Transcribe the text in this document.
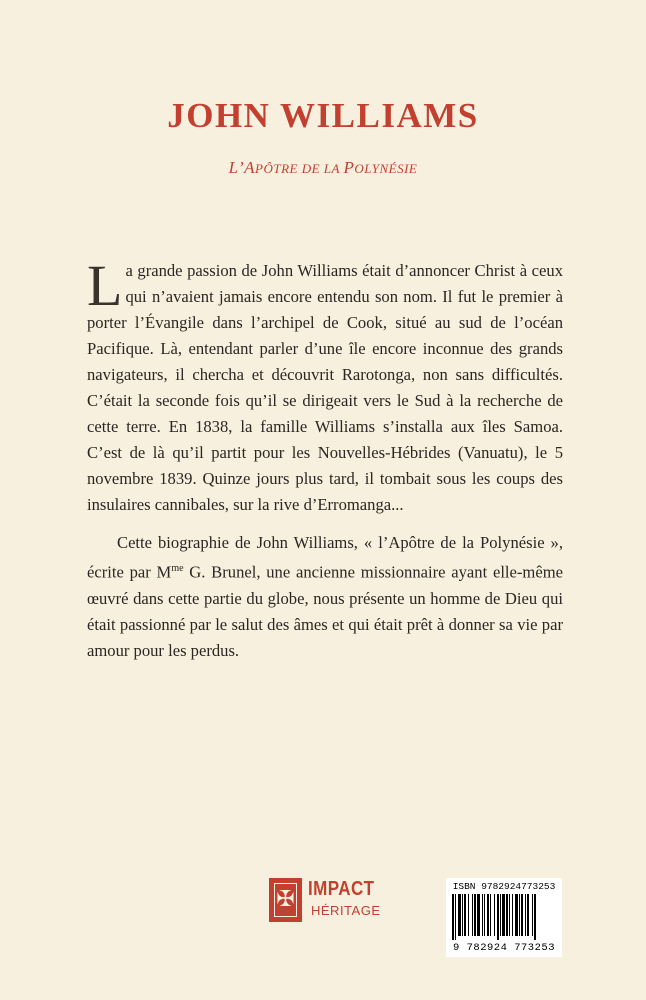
JOHN WILLIAMS
L’APÔTRE DE LA POLYNÉSIE

La grande passion de John Williams était d’annoncer Christ à ceux qui n’avaient jamais encore entendu son nom. Il fut le premier à porter l’Évangile dans l’archipel de Cook, situé au sud de l’océan Pacifique. Là, entendant parler d’une île encore inconnue des grands navigateurs, il chercha et découvrit Rarotonga, non sans difficultés. C’était la seconde fois qu’il se dirigeait vers le Sud à la recherche de cette terre. En 1838, la famille Williams s’installa aux îles Samoa. C’est de là qu’il partit pour les Nouvelles-Hébrides (Vanuatu), le 5 novembre 1839. Quinze jours plus tard, il tombait sous les coups des insulaires cannibales, sur la rive d’Erromanga...

Cette biographie de John Williams, « l’Apôtre de la Polynésie », écrite par $M^{me}$ G. Brunel, une ancienne missionnaire ayant elle-même œuvré dans cette partie du globe, nous présente un homme de Dieu qui était passionné par le salut des âmes et qui était prêt à donner sa vie par amour pour les perdus.

✠ IMPACT
HÉRITAGE
ISBN 9782924773253
9 782924 773253
